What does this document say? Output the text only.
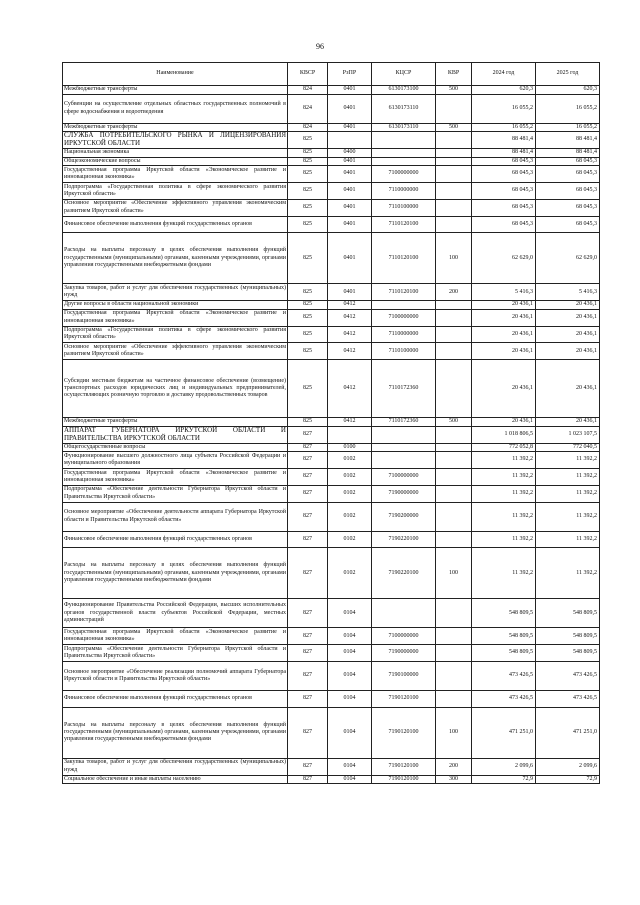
96
Наименование	КВСР	РзПР	КЦСР	КВР	2024 год	2025 год
Межбюджетные трансферты	824	0401	6130173100	500	620,3	620,3
Субвенции на осуществление отдельных областных государственных полномочий в сфере водоснабжения и водоотведения	824	0401	6130173110		16 055,2	16 055,2
Межбюджетные трансферты	824	0401	6130173110	500	16 055,2	16 055,2
СЛУЖБА ПОТРЕБИТЕЛЬСКОГО РЫНКА И ЛИЦЕНЗИРОВАНИЯ ИРКУТСКОЙ ОБЛАСТИ	825				88 481,4	88 481,4
Национальная экономика	825	0400			88 481,4	88 481,4
Общеэкономические вопросы	825	0401			68 045,3	68 045,3
Государственная программа Иркутской области «Экономическое развитие и инновационная экономика»	825	0401	7100000000		68 045,3	68 045,3
Подпрограмма «Государственная политика в сфере экономического развития Иркутской области»	825	0401	7110000000		68 045,3	68 045,3
Основное мероприятие «Обеспечение эффективного управления экономическим развитием Иркутской области»	825	0401	7110100000		68 045,3	68 045,3
Финансовое обеспечение выполнения функций государственных органов	825	0401	7110120100		68 045,3	68 045,3
Расходы на выплаты персоналу в целях обеспечения выполнения функций государственными (муниципальными) органами, казенными учреждениями, органами управления государственными внебюджетными фондами	825	0401	7110120100	100	62 629,0	62 629,0
Закупка товаров, работ и услуг для обеспечения государственных (муниципальных) нужд	825	0401	7110120100	200	5 416,3	5 416,3
Другие вопросы в области национальной экономики	825	0412			20 436,1	20 436,1
Государственная программа Иркутской области «Экономическое развитие и инновационная экономика»	825	0412	7100000000		20 436,1	20 436,1
Подпрограмма «Государственная политика в сфере экономического развития Иркутской области»	825	0412	7110000000		20 436,1	20 436,1
Основное мероприятие «Обеспечение эффективного управления экономическим развитием Иркутской области»	825	0412	7110100000		20 436,1	20 436,1
Субсидии местным бюджетам на частичное финансовое обеспечение (возмещение) транспортных расходов юридических лиц и индивидуальных предпринимателей, осуществляющих розничную торговлю и доставку продовольственных товаров	825	0412	7110172360		20 436,1	20 436,1
Межбюджетные трансферты	825	0412	7110172360	500	20 436,1	20 436,1
АППАРАТ ГУБЕРНАТОРА ИРКУТСКОЙ ОБЛАСТИ И ПРАВИТЕЛЬСТВА ИРКУТСКОЙ ОБЛАСТИ	827				1 018 806,5	1 023 107,5
Общегосударственные вопросы	827	0100			772 052,8	772 040,5
Функционирование высшего должностного лица субъекта Российской Федерации и муниципального образования	827	0102			11 392,2	11 392,2
Государственная программа Иркутской области «Экономическое развитие и инновационная экономика»	827	0102	7100000000		11 392,2	11 392,2
Подпрограмма «Обеспечение деятельности Губернатора Иркутской области и Правительства Иркутской области»	827	0102	7190000000		11 392,2	11 392,2
Основное мероприятие «Обеспечение деятельности аппарата Губернатора Иркутской области и Правительства Иркутской области»	827	0102	7190200000		11 392,2	11 392,2
Финансовое обеспечение выполнения функций государственных органов	827	0102	7190220100		11 392,2	11 392,2
Расходы на выплаты персоналу в целях обеспечения выполнения функций государственными (муниципальными) органами, казенными учреждениями, органами управления государственными внебюджетными фондами	827	0102	7190220100	100	11 392,2	11 392,2
Функционирование Правительства Российской Федерации, высших исполнительных органов государственной власти субъектов Российской Федерации, местных администраций	827	0104			548 809,5	548 809,5
Государственная программа Иркутской области «Экономическое развитие и инновационная экономика»	827	0104	7100000000		548 809,5	548 809,5
Подпрограмма «Обеспечение деятельности Губернатора Иркутской области и Правительства Иркутской области»	827	0104	7190000000		548 809,5	548 809,5
Основное мероприятие «Обеспечение реализации полномочий аппарата Губернатора Иркутской области и Правительства Иркутской области»	827	0104	7190100000		473 426,5	473 426,5
Финансовое обеспечение выполнения функций государственных органов	827	0104	7190120100		473 426,5	473 426,5
Расходы на выплаты персоналу в целях обеспечения выполнения функций государственными (муниципальными) органами, казенными учреждениями, органами управления государственными внебюджетными фондами	827	0104	7190120100	100	471 251,0	471 251,0
Закупка товаров, работ и услуг для обеспечения государственных (муниципальных) нужд	827	0104	7190120100	200	2 099,6	2 099,6
Социальное обеспечение и иные выплаты населению	827	0104	7190120100	300	72,9	72,9
